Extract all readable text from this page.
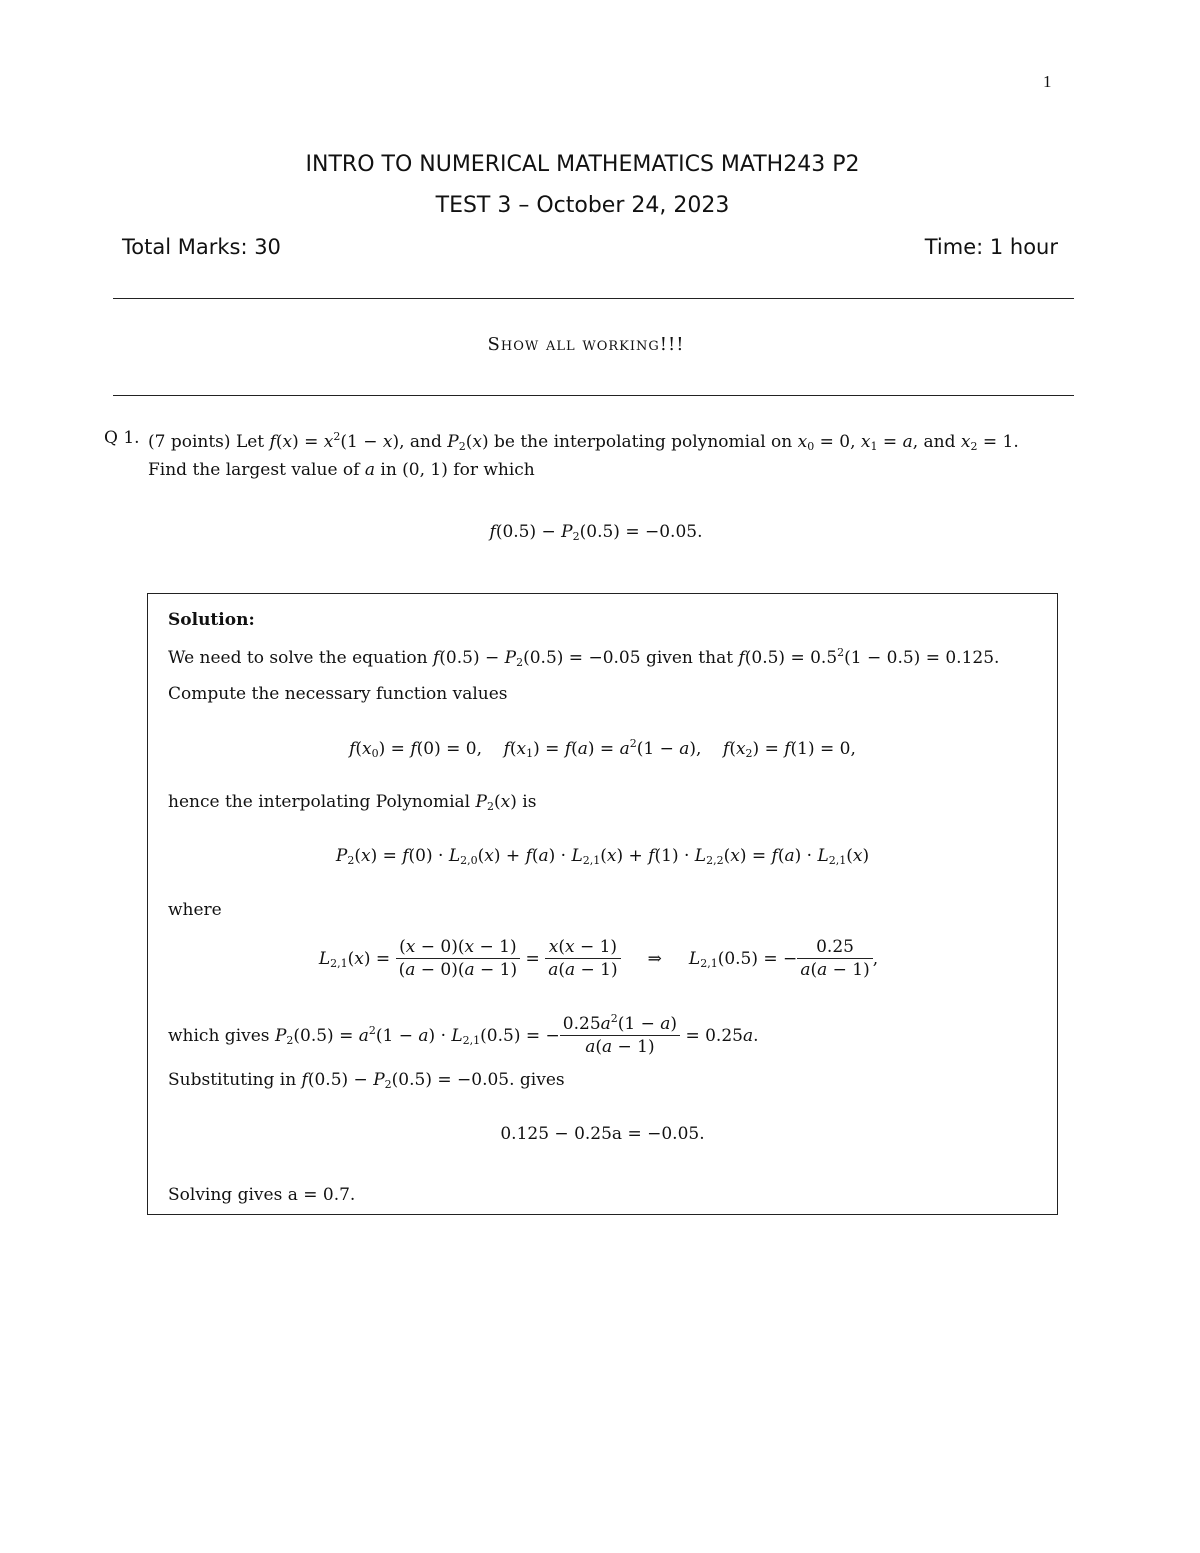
1
INTRO TO NUMERICAL MATHEMATICS MATH243 P2
TEST 3 – October 24, 2023
Total Marks: 30	Time: 1 hour
Show all working!!!
Q 1. (7 points) Let $f(x) = x^2(1 - x)$, and $P_2(x)$ be the interpolating polynomial on $x_0 = 0$, $x_1 = a$, and $x_2 = 1$.
Find the largest value of a in (0, 1) for which
$f(0.5) - P_2(0.5) = -0.05$.
Solution:
We need to solve the equation $f(0.5) - P_2(0.5) = -0.05$ given that $f(0.5) = 0.5^2(1 - 0.5) = 0.125$.
Compute the necessary function values
$f(x_0) = f(0) = 0$,    $f(x_1) = f(a) = a^2(1 - a)$,    $f(x_2) = f(1) = 0$,
hence the interpolating Polynomial $P_2(x)$ is
$P_2(x) = f(0) \cdot L_{2,0}(x) + f(a) \cdot L_{2,1}(x) + f(1) \cdot L_{2,2}(x) = f(a) \cdot L_{2,1}(x)$
where
$L_{2,1}(x) = \frac{(x - 0)(x - 1)}{(a - 0)(a - 1)} = \frac{x(x - 1)}{a(a - 1)}$ ⇒     $L_{2,1}(0.5)$ = − $\frac{0.25}{a(a - 1)}$ ,
which gives $P_2(0.5) = a^2(1 - a) \cdot L_{2,1}(0.5)$ = − $\frac{0.25a^2(1 - a)}{a(a - 1)} = 0.25a$.
Substituting in $f(0.5) - P_2(0.5) = -0.05$. gives
0.125 − 0.25a = −0.05.
Solving gives a = 0.7.
